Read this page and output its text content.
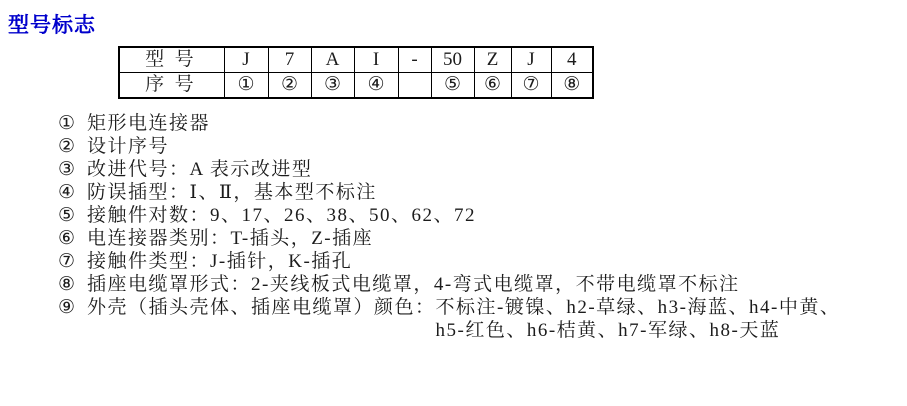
型号标志
型号	J	7	A	I	-	50	Z	J	4
序号	①	②	③	④		⑤	⑥	⑦	⑧
① 矩形电连接器
② 设计序号
③ 改进代号：A 表示改进型
④ 防误插型：Ⅰ、Ⅱ，基本型不标注
⑤ 接触件对数：9、17、26、38、50、62、72
⑥ 电连接器类别：T-插头，Z-插座
⑦ 接触件类型：J-插针，K-插孔
⑧ 插座电缆罩形式：2-夹线板式电缆罩，4-弯式电缆罩，不带电缆罩不标注
⑨ 外壳（插头壳体、插座电缆罩）颜色：不标注-镀镍、h2-草绿、h3-海蓝、h4-中黄、
h5-红色、h6-桔黄、h7-军绿、h8-天蓝
